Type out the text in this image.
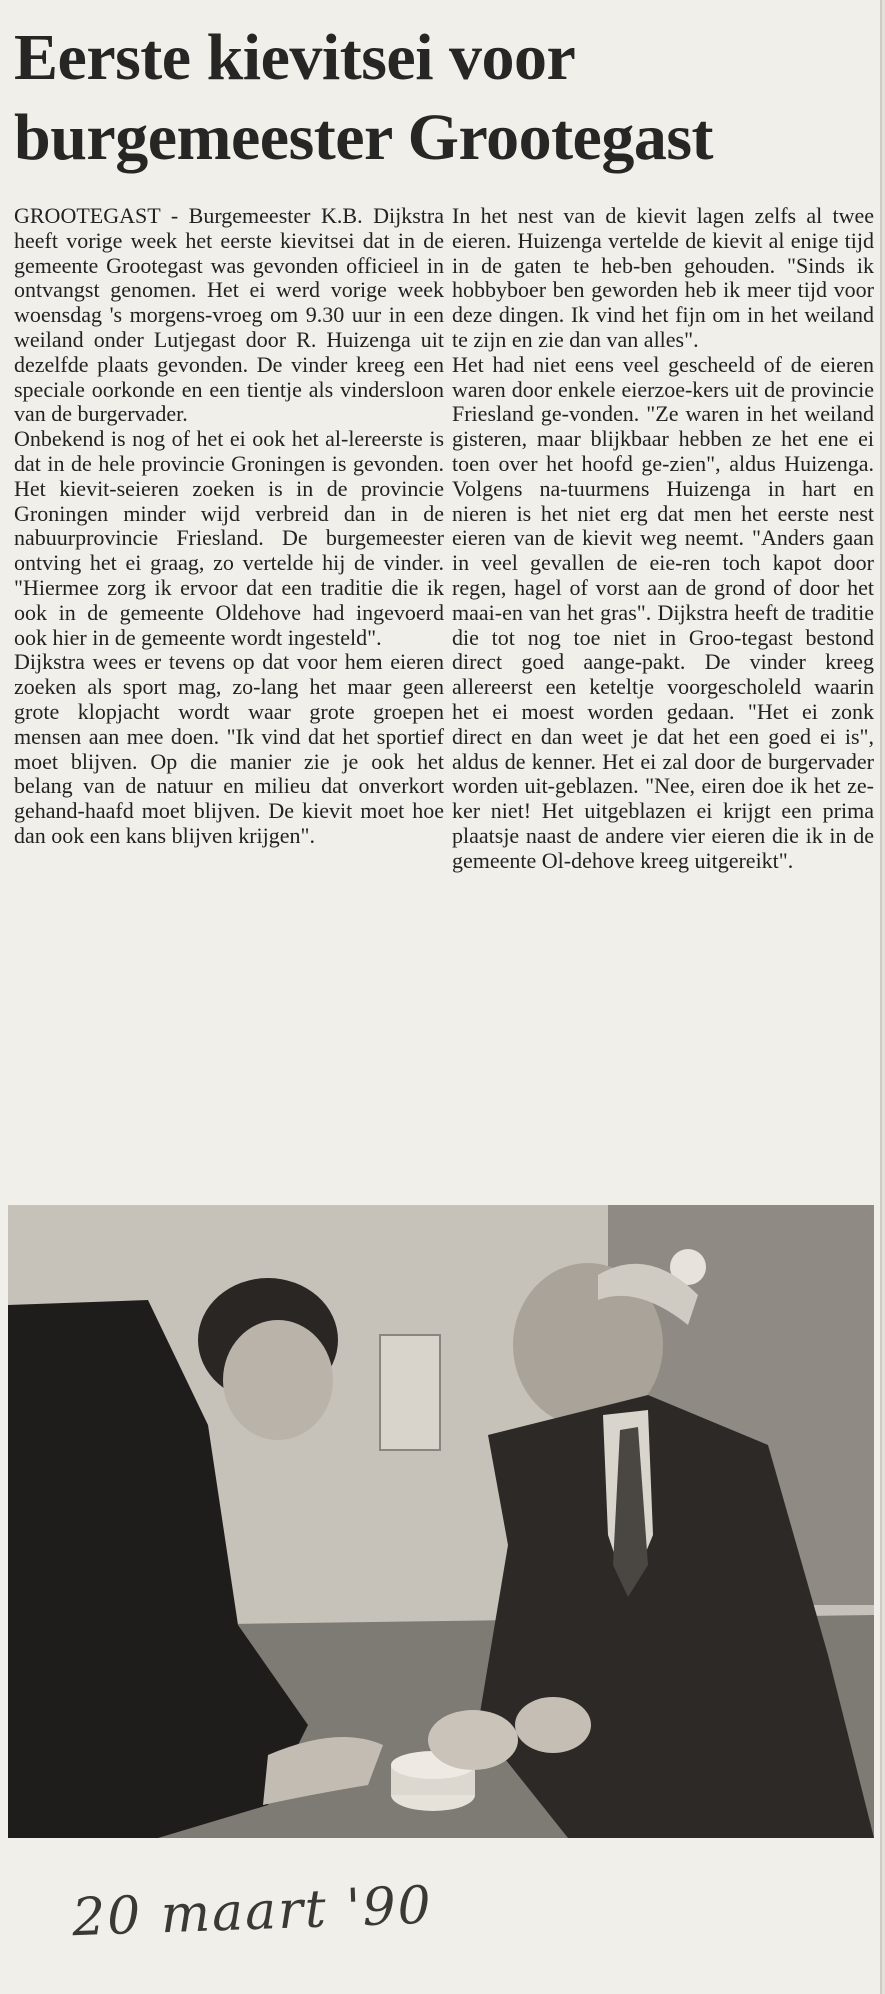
Eerste kievitsei voor
burgemeester Grootegast

GROOTEGAST - Burgemeester K.B. Dijkstra heeft vorige week het eerste kievitsei dat in de gemeente Grootegast was gevonden officieel in ontvangst genomen. Het ei werd vorige week woensdag 's morgens-vroeg om 9.30 uur in een weiland onder Lutjegast door R. Huizenga uit dezelfde plaats gevonden. De vinder kreeg een speciale oorkonde en een tientje als vindersloon van de burgervader.

Onbekend is nog of het ei ook het al-lereerste is dat in de hele provincie Groningen is gevonden. Het kievit-seieren zoeken is in de provincie Groningen minder wijd verbreid dan in de nabuurprovincie Friesland. De burgemeester ontving het ei graag, zo vertelde hij de vinder. "Hiermee zorg ik ervoor dat een traditie die ik ook in de gemeente Oldehove had ingevoerd ook hier in de gemeente wordt ingesteld".

Dijkstra wees er tevens op dat voor hem eieren zoeken als sport mag, zo-lang het maar geen grote klopjacht wordt waar grote groepen mensen aan mee doen. "Ik vind dat het sportief moet blijven. Op die manier zie je ook het belang van de natuur en milieu dat onverkort gehand-haafd moet blijven. De kievit moet hoe dan ook een kans blijven krijgen".

In het nest van de kievit lagen zelfs al twee eieren. Huizenga vertelde de kievit al enige tijd in de gaten te heb-ben gehouden. "Sinds ik hobbyboer ben geworden heb ik meer tijd voor deze dingen. Ik vind het fijn om in het weiland te zijn en zie dan van alles".

Het had niet eens veel gescheeld of de eieren waren door enkele eierzoe-kers uit de provincie Friesland ge-vonden. "Ze waren in het weiland gisteren, maar blijkbaar hebben ze het ene ei toen over het hoofd ge-zien", aldus Huizenga. Volgens na-tuurmens Huizenga in hart en nieren is het niet erg dat men het eerste nest eieren van de kievit weg neemt. "Anders gaan in veel gevallen de eie-ren toch kapot door regen, hagel of vorst aan de grond of door het maai-en van het gras". Dijkstra heeft de traditie die tot nog toe niet in Groo-tegast bestond direct goed aange-pakt. De vinder kreeg allereerst een keteltje voorgescholeld waarin het ei moest worden gedaan. "Het ei zonk direct en dan weet je dat het een goed ei is", aldus de kenner. Het ei zal door de burgervader worden uit-geblazen. "Nee, eiren doe ik het ze-ker niet! Het uitgeblazen ei krijgt een prima plaatsje naast de andere vier eieren die ik in de gemeente Ol-dehove kreeg uitgereikt".

20 maart '90
